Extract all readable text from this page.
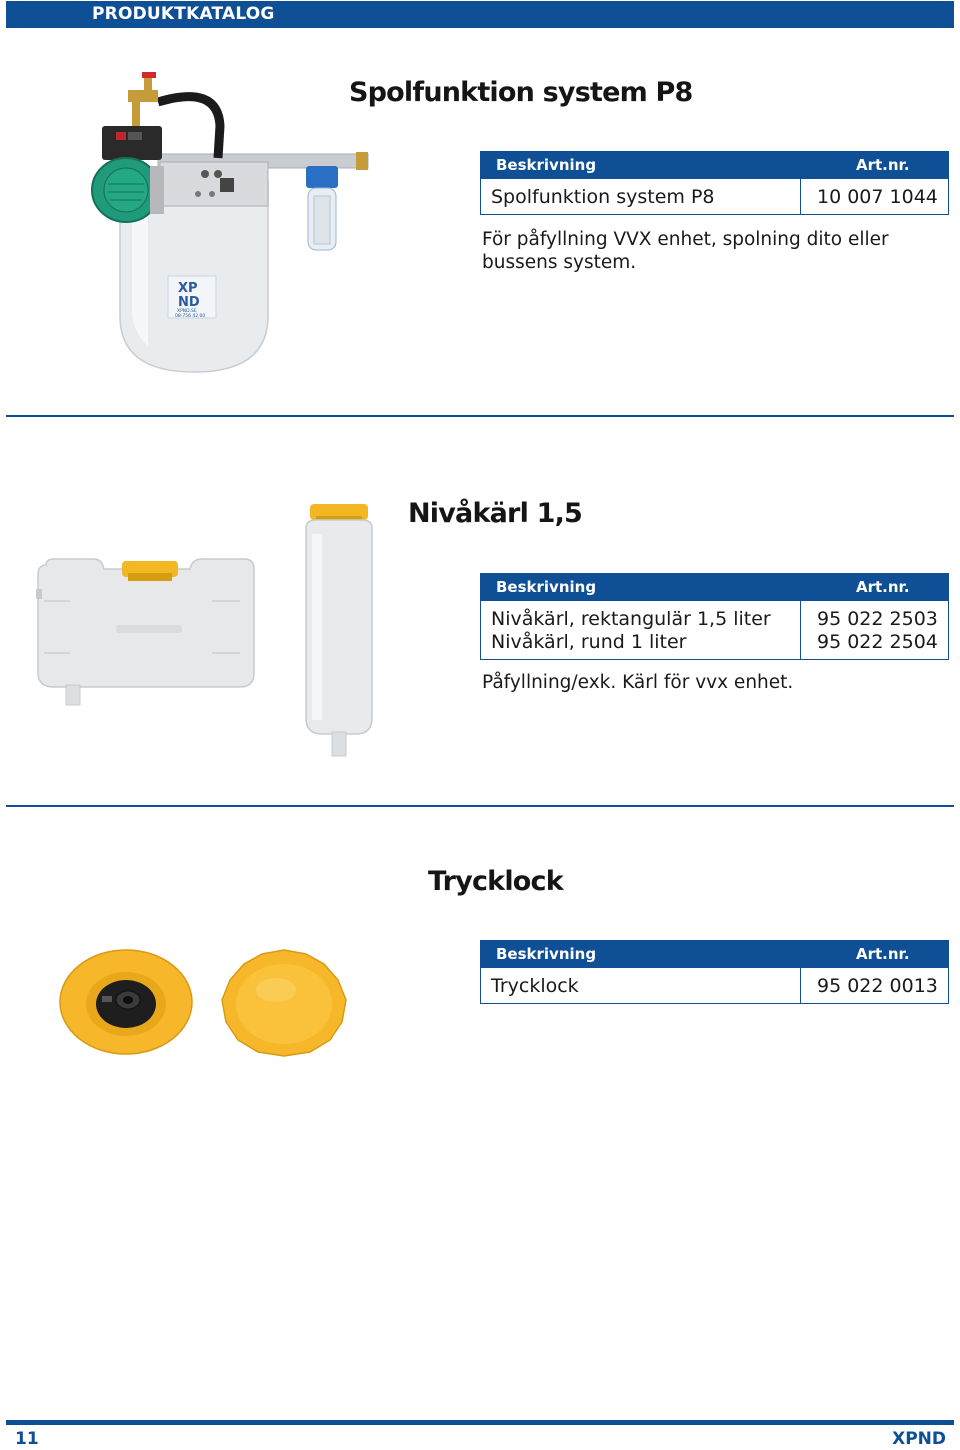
PRODUKTKATALOG
Spolfunktion system P8
XP
ND
XPND.SE
08-756 42 00
Beskrivning	Art.nr.
Spolfunktion system P8	10 007 1044
För påfyllning VVX enhet, spolning dito eller
bussens system.
Nivåkärl 1,5
Beskrivning	Art.nr.
Nivåkärl, rektangulär 1,5 liter 95 022 2503
Nivåkärl, rund 1 liter	95 022 2504
Påfyllning/exk. Kärl för vvx enhet.
Trycklock
Beskrivning	Art.nr.
Trycklock	95 022 0013
11	XPND
